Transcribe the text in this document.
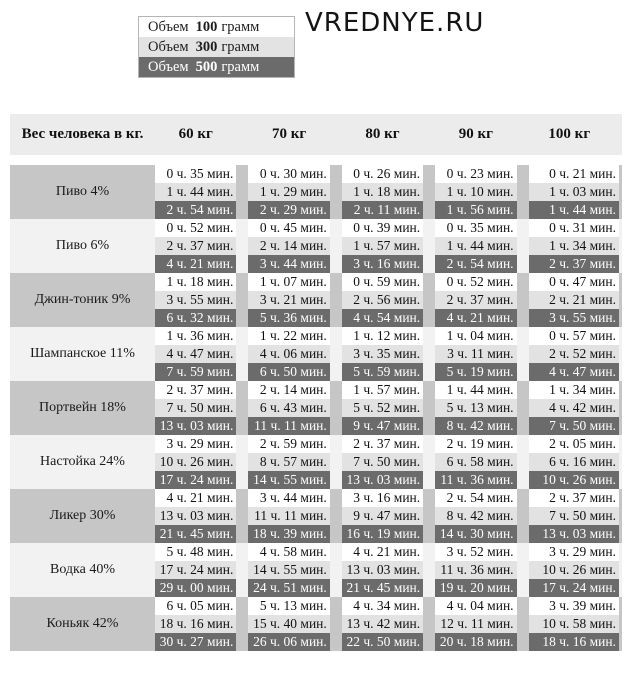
Объем 100 грамм
Объем 300 грамм
Объем 500 грамм
VREDNYE.RU
Вес человека в кг.	60 кг	70 кг	80 кг	90 кг	100 кг

Пиво 4%	0 ч. 35 мин.	0 ч. 30 мин.	0 ч. 26 мин.	0 ч. 23 мин.	0 ч. 21 мин.

	1 ч. 44 мин.	1 ч. 29 мин.	1 ч. 18 мин.	1 ч. 10 мин.	1 ч. 03 мин.

	2 ч. 54 мин.	2 ч. 29 мин.	2 ч. 11 мин.	1 ч. 56 мин.	1 ч. 44 мин.

Пиво 6%	0 ч. 52 мин.	0 ч. 45 мин.	0 ч. 39 мин.	0 ч. 35 мин.	0 ч. 31 мин.

	2 ч. 37 мин.	2 ч. 14 мин.	1 ч. 57 мин.	1 ч. 44 мин.	1 ч. 34 мин.

	4 ч. 21 мин.	3 ч. 44 мин.	3 ч. 16 мин.	2 ч. 54 мин.	2 ч. 37 мин.

Джин-тоник 9%	1 ч. 18 мин.	1 ч. 07 мин.	0 ч. 59 мин.	0 ч. 52 мин.	0 ч. 47 мин.

	3 ч. 55 мин.	3 ч. 21 мин.	2 ч. 56 мин.	2 ч. 37 мин.	2 ч. 21 мин.

	6 ч. 32 мин.	5 ч. 36 мин.	4 ч. 54 мин.	4 ч. 21 мин.	3 ч. 55 мин.

Шампанское 11%	1 ч. 36 мин.	1 ч. 22 мин.	1 ч. 12 мин.	1 ч. 04 мин.	0 ч. 57 мин.

	4 ч. 47 мин.	4 ч. 06 мин.	3 ч. 35 мин.	3 ч. 11 мин.	2 ч. 52 мин.

	7 ч. 59 мин.	6 ч. 50 мин.	5 ч. 59 мин.	5 ч. 19 мин.	4 ч. 47 мин.

Портвейн 18%	2 ч. 37 мин.	2 ч. 14 мин.	1 ч. 57 мин.	1 ч. 44 мин.	1 ч. 34 мин.

	7 ч. 50 мин.	6 ч. 43 мин.	5 ч. 52 мин.	5 ч. 13 мин.	4 ч. 42 мин.

	13 ч. 03 мин.	11 ч. 11 мин.	9 ч. 47 мин.	8 ч. 42 мин.	7 ч. 50 мин.

Настойка 24%	3 ч. 29 мин.	2 ч. 59 мин.	2 ч. 37 мин.	2 ч. 19 мин.	2 ч. 05 мин.

	10 ч. 26 мин.	8 ч. 57 мин.	7 ч. 50 мин.	6 ч. 58 мин.	6 ч. 16 мин.

	17 ч. 24 мин.	14 ч. 55 мин.	13 ч. 03 мин.	11 ч. 36 мин.	10 ч. 26 мин.

Ликер 30%	4 ч. 21 мин.	3 ч. 44 мин.	3 ч. 16 мин.	2 ч. 54 мин.	2 ч. 37 мин.

	13 ч. 03 мин.	11 ч. 11 мин.	9 ч. 47 мин.	8 ч. 42 мин.	7 ч. 50 мин.

	21 ч. 45 мин.	18 ч. 39 мин.	16 ч. 19 мин.	14 ч. 30 мин.	13 ч. 03 мин.

Водка 40%	5 ч. 48 мин.	4 ч. 58 мин.	4 ч. 21 мин.	3 ч. 52 мин.	3 ч. 29 мин.

	17 ч. 24 мин.	14 ч. 55 мин.	13 ч. 03 мин.	11 ч. 36 мин.	10 ч. 26 мин.

	29 ч. 00 мин.	24 ч. 51 мин.	21 ч. 45 мин.	19 ч. 20 мин.	17 ч. 24 мин.

Коньяк 42%	6 ч. 05 мин.	5 ч. 13 мин.	4 ч. 34 мин.	4 ч. 04 мин.	3 ч. 39 мин.

	18 ч. 16 мин.	15 ч. 40 мин.	13 ч. 42 мин.	12 ч. 11 мин.	10 ч. 58 мин.

	30 ч. 27 мин.	26 ч. 06 мин.	22 ч. 50 мин.	20 ч. 18 мин.	18 ч. 16 мин.
